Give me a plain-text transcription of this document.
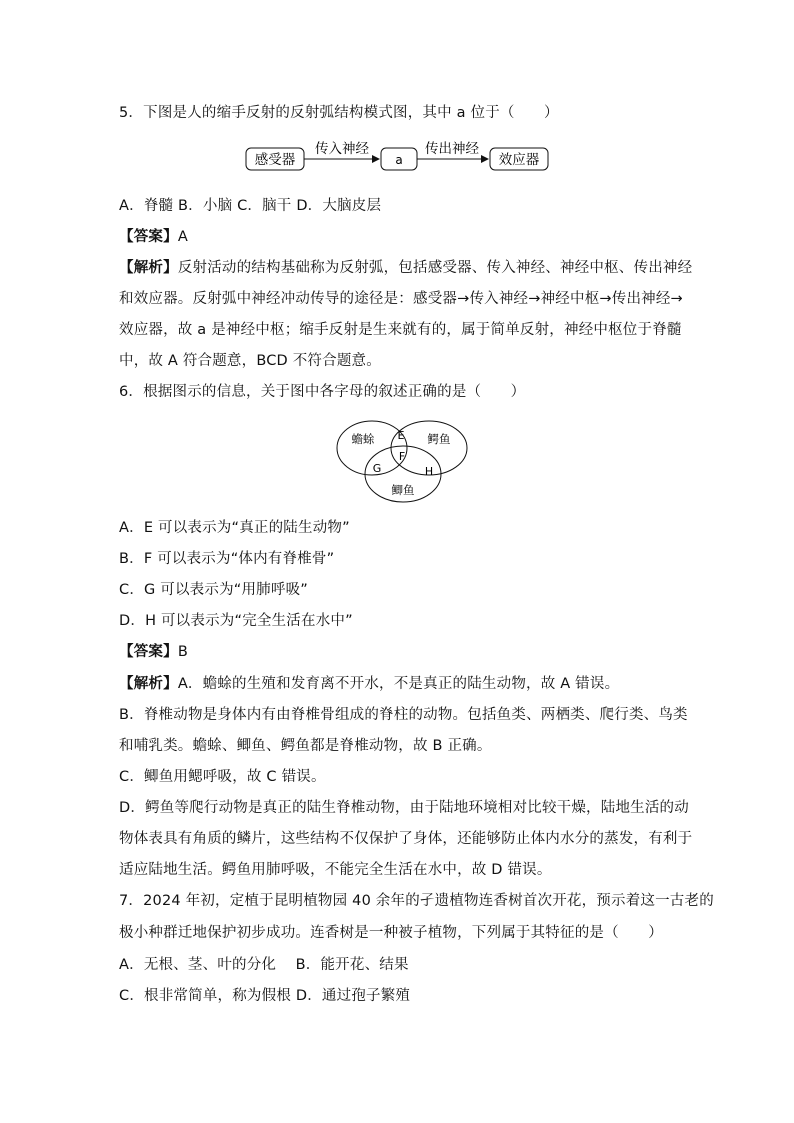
5．下图是人的缩手反射的反射弧结构模式图，其中 a 位于（　　）
感受器
传入神经
a
传出神经
效应器
A．脊髓 B．小脑 C．脑干 D．大脑皮层
【答案】A
【解析】反射活动的结构基础称为反射弧，包括感受器、传入神经、神经中枢、传出神经
和效应器。反射弧中神经冲动传导的途径是：感受器→传入神经→神经中枢→传出神经→
效应器，故 a 是神经中枢；缩手反射是生来就有的，属于简单反射，神经中枢位于脊髓
中，故 A 符合题意，BCD 不符合题意。
6．根据图示的信息，关于图中各字母的叙述正确的是（　　）
蟾蜍	鳄鱼
鲫鱼
E
F
G	H
A．E 可以表示为“真正的陆生动物”
B．F 可以表示为“体内有脊椎骨”
C．G 可以表示为“用肺呼吸”
D．H 可以表示为“完全生活在水中”
【答案】B
【解析】A．蟾蜍的生殖和发育离不开水，不是真正的陆生动物，故 A 错误。
B．脊椎动物是身体内有由脊椎骨组成的脊柱的动物。包括鱼类、两栖类、爬行类、鸟类
和哺乳类。蟾蜍、鲫鱼、鳄鱼都是脊椎动物，故 B 正确。
C．鲫鱼用鳃呼吸，故 C 错误。
D．鳄鱼等爬行动物是真正的陆生脊椎动物，由于陆地环境相对比较干燥，陆地生活的动
物体表具有角质的鳞片，这些结构不仅保护了身体，还能够防止体内水分的蒸发，有利于
适应陆地生活。鳄鱼用肺呼吸，不能完全生活在水中，故 D 错误。
7．2024 年初，定植于昆明植物园 40 余年的孑遗植物连香树首次开花，预示着这一古老的
极小种群迁地保护初步成功。连香树是一种被子植物，下列属于其特征的是（　　）
A．无根、茎、叶的分化　 B．能开花、结果
C．根非常简单，称为假根 D．通过孢子繁殖
